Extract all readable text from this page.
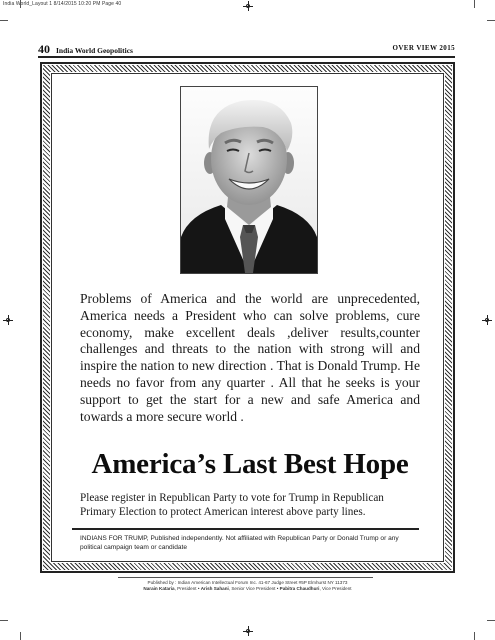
India World_Layout 1 8/14/2015 10:20 PM Page 40
40 India World Geopolitics	OVER VIEW 2015

Problems of America and the world are unprecedented, America needs a President who can solve problems, cure economy, make excellent deals ,deliver results,counter challenges and threats to the nation with strong will and inspire the nation to new direction . That is Donald Trump. He needs no favor from any quarter . All that he seeks is your support to get the start for a new and safe America and towards a more secure world .

America’s Last Best Hope

Please register in Republican Party to vote for Trump in Republican Primary Election to protect American interest above party lines.

INDIANS FOR TRUMP, Published independently. Not affiliated with Republican Party or Donald Trump or any political campaign team or candidate

Published by : Indian American Intellectual Forum Inc. 41-67 Judge Street #5P Elmhurst NY 11373
Narain Kataria, President • Arish Sahani, Senior Vice President • Pabitra Chaudhuri, Vice President
